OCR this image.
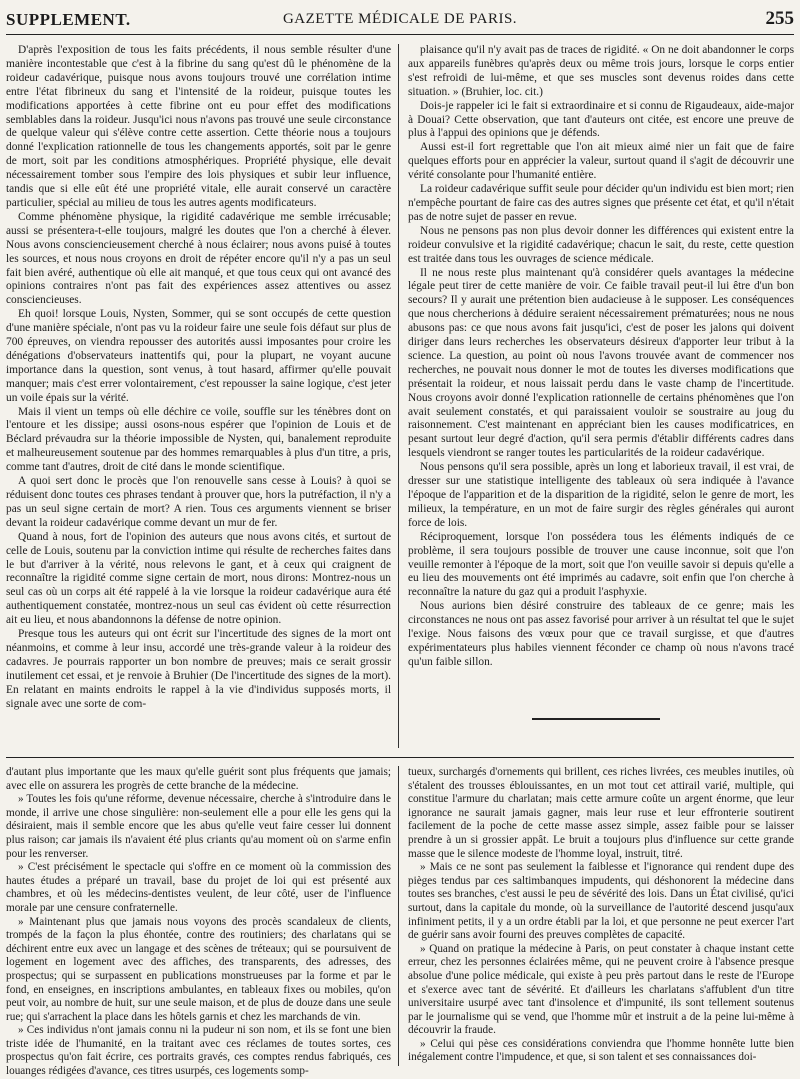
SUPPLEMENT.	GAZETTE MÉDICALE DE PARIS.	255

D'après l'exposition de tous les faits précédents, il nous semble résulter d'une manière incontestable que c'est à la fibrine du sang qu'est dû le phénomène de la roideur cadavérique, puisque nous avons toujours trouvé une corrélation intime entre l'état fibrineux du sang et l'intensité de la roideur, puisque toutes les modifications apportées à cette fibrine ont eu pour effet des modifications semblables dans la roideur. Jusqu'ici nous n'avons pas trouvé une seule circonstance de quelque valeur qui s'élève contre cette assertion. Cette théorie nous a toujours donné l'explication rationnelle de tous les changements apportés, soit par le genre de mort, soit par les conditions atmosphériques. Propriété physique, elle devait nécessairement tomber sous l'empire des lois physiques et subir leur influence, tandis que si elle eût été une propriété vitale, elle aurait conservé un caractère particulier, spécial au milieu de tous les autres agents modificateurs.

Comme phénomène physique, la rigidité cadavérique me semble irrécusable; aussi se présentera-t-elle toujours, malgré les doutes que l'on a cherché à élever. Nous avons consciencieusement cherché à nous éclairer; nous avons puisé à toutes les sources, et nous nous croyons en droit de répéter encore qu'il n'y a pas un seul fait bien avéré, authentique où elle ait manqué, et que tous ceux qui ont avancé des opinions contraires n'ont pas fait des expériences assez attentives ou assez consciencieuses.

Eh quoi! lorsque Louis, Nysten, Sommer, qui se sont occupés de cette question d'une manière spéciale, n'ont pas vu la roideur faire une seule fois défaut sur plus de 700 épreuves, on viendra repousser des autorités aussi imposantes pour croire les dénégations d'observateurs inattentifs qui, pour la plupart, ne voyant aucune importance dans la question, sont venus, à tout hasard, affirmer qu'elle pouvait manquer; mais c'est errer volontairement, c'est repousser la saine logique, c'est jeter un voile épais sur la vérité.

Mais il vient un temps où elle déchire ce voile, souffle sur les ténèbres dont on l'entoure et les dissipe; aussi osons-nous espérer que l'opinion de Louis et de Béclard prévaudra sur la théorie impossible de Nysten, qui, banalement reproduite et malheureusement soutenue par des hommes remarquables à plus d'un titre, a pris, comme tant d'autres, droit de cité dans le monde scientifique.

A quoi sert donc le procès que l'on renouvelle sans cesse à Louis? à quoi se réduisent donc toutes ces phrases tendant à prouver que, hors la putréfaction, il n'y a pas un seul signe certain de mort? A rien. Tous ces arguments viennent se briser devant la roideur cadavérique comme devant un mur de fer.

Quand à nous, fort de l'opinion des auteurs que nous avons cités, et surtout de celle de Louis, soutenu par la conviction intime qui résulte de recherches faites dans le but d'arriver à la vérité, nous relevons le gant, et à ceux qui craignent de reconnaître la rigidité comme signe certain de mort, nous dirons: Montrez-nous un seul cas où un corps ait été rappelé à la vie lorsque la roideur cadavérique aura été authentiquement constatée, montrez-nous un seul cas évident où cette résurrection ait eu lieu, et nous abandonnons la défense de notre opinion.

Presque tous les auteurs qui ont écrit sur l'incertitude des signes de la mort ont néanmoins, et comme à leur insu, accordé une très-grande valeur à la roideur des cadavres. Je pourrais rapporter un bon nombre de preuves; mais ce serait grossir inutilement cet essai, et je renvoie à Bruhier (De l'incertitude des signes de la mort). En relatant en maints endroits le rappel à la vie d'individus supposés morts, il signale avec une sorte de com-

plaisance qu'il n'y avait pas de traces de rigidité. « On ne doit abandonner le corps aux appareils funèbres qu'après deux ou même trois jours, lorsque le corps entier s'est refroidi de lui-même, et que ses muscles sont devenus roides dans cette situation. » (Bruhier, loc. cit.)

Dois-je rappeler ici le fait si extraordinaire et si connu de Rigaudeaux, aide-major à Douai? Cette observation, que tant d'auteurs ont citée, est encore une preuve de plus à l'appui des opinions que je défends.

Aussi est-il fort regrettable que l'on ait mieux aimé nier un fait que de faire quelques efforts pour en apprécier la valeur, surtout quand il s'agit de découvrir une vérité consolante pour l'humanité entière.

La roideur cadavérique suffit seule pour décider qu'un individu est bien mort; rien n'empêche pourtant de faire cas des autres signes que présente cet état, et qu'il n'était pas de notre sujet de passer en revue.

Nous ne pensons pas non plus devoir donner les différences qui existent entre la roideur convulsive et la rigidité cadavérique; chacun le sait, du reste, cette question est traitée dans tous les ouvrages de science médicale.

Il ne nous reste plus maintenant qu'à considérer quels avantages la médecine légale peut tirer de cette manière de voir. Ce faible travail peut-il lui être d'un bon secours? Il y aurait une prétention bien audacieuse à le supposer. Les conséquences que nous chercherions à déduire seraient nécessairement prématurées; nous ne nous abusons pas: ce que nous avons fait jusqu'ici, c'est de poser les jalons qui doivent diriger dans leurs recherches les observateurs désireux d'apporter leur tribut à la science. La question, au point où nous l'avons trouvée avant de commencer nos recherches, ne pouvait nous donner le mot de toutes les diverses modifications que présentait la roideur, et nous laissait perdu dans le vaste champ de l'incertitude. Nous croyons avoir donné l'explication rationnelle de certains phénomènes que l'on avait seulement constatés, et qui paraissaient vouloir se soustraire au joug du raisonnement. C'est maintenant en appréciant bien les causes modificatrices, en pesant surtout leur degré d'action, qu'il sera permis d'établir différents cadres dans lesquels viendront se ranger toutes les particularités de la roideur cadavérique.

Nous pensons qu'il sera possible, après un long et laborieux travail, il est vrai, de dresser sur une statistique intelligente des tableaux où sera indiquée à l'avance l'époque de l'apparition et de la disparition de la rigidité, selon le genre de mort, les milieux, la température, en un mot de faire surgir des règles générales qui auront force de lois.

Réciproquement, lorsque l'on possédera tous les éléments indiqués de ce problème, il sera toujours possible de trouver une cause inconnue, soit que l'on veuille remonter à l'époque de la mort, soit que l'on veuille savoir si depuis qu'elle a eu lieu des mouvements ont été imprimés au cadavre, soit enfin que l'on cherche à reconnaître la nature du gaz qui a produit l'asphyxie.

Nous aurions bien désiré construire des tableaux de ce genre; mais les circonstances ne nous ont pas assez favorisé pour arriver à un résultat tel que le sujet l'exige. Nous faisons des vœux pour que ce travail surgisse, et que d'autres expérimentateurs plus habiles viennent féconder ce champ où nous n'avons tracé qu'un faible sillon.

d'autant plus importante que les maux qu'elle guérit sont plus fréquents que jamais; avec elle on assurera les progrès de cette branche de la médecine.

» Toutes les fois qu'une réforme, devenue nécessaire, cherche à s'introduire dans le monde, il arrive une chose singulière: non-seulement elle a pour elle les gens qui la désiraient, mais il semble encore que les abus qu'elle veut faire cesser lui donnent plus raison; car jamais ils n'avaient été plus criants qu'au moment où on s'arme enfin pour les renverser.

» C'est précisément le spectacle qui s'offre en ce moment où la commission des hautes études a préparé un travail, base du projet de loi qui est présenté aux chambres, et où les médecins-dentistes veulent, de leur côté, user de l'influence morale par une censure confraternelle.

» Maintenant plus que jamais nous voyons des procès scandaleux de clients, trompés de la façon la plus éhontée, contre des routiniers; des charlatans qui se déchirent entre eux avec un langage et des scènes de tréteaux; qui se poursuivent de logement en logement avec des affiches, des transparents, des adresses, des prospectus; qui se surpassent en publications monstrueuses par la forme et par le fond, en enseignes, en inscriptions ambulantes, en tableaux fixes ou mobiles, qu'on peut voir, au nombre de huit, sur une seule maison, et de plus de douze dans une seule rue; qui s'arrachent la place dans les hôtels garnis et chez les marchands de vin.

» Ces individus n'ont jamais connu ni la pudeur ni son nom, et ils se font une bien triste idée de l'humanité, en la traitant avec ces réclames de toutes sortes, ces prospectus qu'on fait écrire, ces portraits gravés, ces comptes rendus fabriqués, ces louanges rédigées d'avance, ces titres usurpés, ces logements somp-

tueux, surchargés d'ornements qui brillent, ces riches livrées, ces meubles inutiles, où s'étalent des trousses éblouissantes, en un mot tout cet attirail varié, multiple, qui constitue l'armure du charlatan; mais cette armure coûte un argent énorme, que leur ignorance ne saurait jamais gagner, mais leur ruse et leur effronterie soutirent facilement de la poche de cette masse assez simple, assez faible pour se laisser prendre à un si grossier appât. Le bruit a toujours plus d'influence sur cette grande masse que le silence modeste de l'homme loyal, instruit, titré.

» Mais ce ne sont pas seulement la faiblesse et l'ignorance qui rendent dupe des pièges tendus par ces saltimbanques impudents, qui déshonorent la médecine dans toutes ses branches, c'est aussi le peu de sévérité des lois. Dans un État civilisé, qu'ici surtout, dans la capitale du monde, où la surveillance de l'autorité descend jusqu'aux infiniment petits, il y a un ordre établi par la loi, et que personne ne peut exercer l'art de guérir sans avoir fourni des preuves complètes de capacité.

» Quand on pratique la médecine à Paris, on peut constater à chaque instant cette erreur, chez les personnes éclairées même, qui ne peuvent croire à l'absence presque absolue d'une police médicale, qui existe à peu près partout dans le reste de l'Europe et s'exerce avec tant de sévérité. Et d'ailleurs les charlatans s'affublent d'un titre universitaire usurpé avec tant d'insolence et d'impunité, ils sont tellement soutenus par le journalisme qui se vend, que l'homme mûr et instruit a de la peine lui-même à découvrir la fraude.

» Celui qui pèse ces considérations conviendra que l'homme honnête lutte bien inégalement contre l'impudence, et que, si son talent et ses connaissances doi-
